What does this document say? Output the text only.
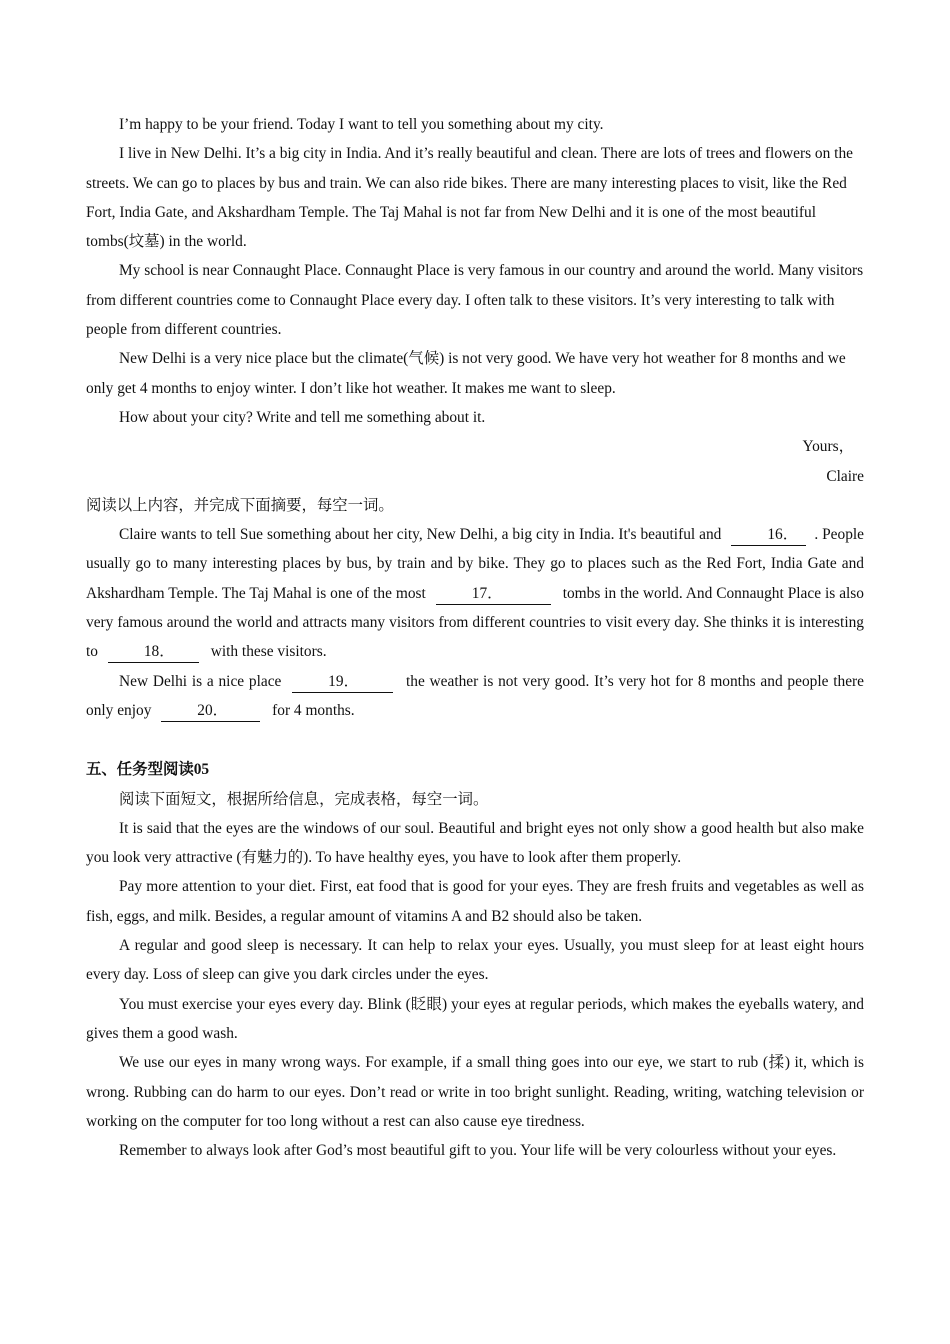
I’m happy to be your friend. Today I want to tell you something about my city.

I live in New Delhi. It’s a big city in India. And it’s really beautiful and clean. There are lots of trees and flowers on the streets. We can go to places by bus and train. We can also ride bikes. There are many interesting places to visit, like the Red Fort, India Gate, and Akshardham Temple. The Taj Mahal is not far from New Delhi and it is one of the most beautiful tombs(坟墓) in the world.

My school is near Connaught Place. Connaught Place is very famous in our country and around the world. Many visitors from different countries come to Connaught Place every day. I often talk to these visitors. It’s very interesting to talk with people from different countries.

New Delhi is a very nice place but the climate(气候) is not very good. We have very hot weather for 8 months and we only get 4 months to enjoy winter. I don’t like hot weather. It makes me want to sleep.

How about your city? Write and tell me something about it.

Yours，

Claire

阅读以上内容，并完成下面摘要，每空一词。

Claire wants to tell Sue something about her city, New Delhi, a big city in India. It's beautiful and	16． . People usually go to many interesting places by bus, by train and by bike. They go to places such as the Red Fort, India Gate and Akshardham Temple. The Taj Mahal is one of the most	17．	tombs in the world. And Connaught Place is also very famous around the world and attracts many visitors from different countries to visit every day. She thinks it is interesting to	18． with these visitors.

New Delhi is a nice place	19．	the weather is not very good. It’s very hot for 8 months and people there only enjoy	20．	for 4 months.

五、任务型阅读05

阅读下面短文，根据所给信息，完成表格，每空一词。

It is said that the eyes are the windows of our soul. Beautiful and bright eyes not only show a good health but also make you look very attractive (有魅力的). To have healthy eyes, you have to look after them properly.

Pay more attention to your diet. First, eat food that is good for your eyes. They are fresh fruits and vegetables as well as fish, eggs, and milk. Besides, a regular amount of vitamins A and B2 should also be taken.

A regular and good sleep is necessary. It can help to relax your eyes. Usually, you must sleep for at least eight hours every day. Loss of sleep can give you dark circles under the eyes.

You must exercise your eyes every day. Blink (眨眼) your eyes at regular periods, which makes the eyeballs watery, and gives them a good wash.

We use our eyes in many wrong ways. For example, if a small thing goes into our eye, we start to rub (揉) it, which is wrong. Rubbing can do harm to our eyes. Don’t read or write in too bright sunlight. Reading, writing, watching television or working on the computer for too long without a rest can also cause eye tiredness.

Remember to always look after God’s most beautiful gift to you. Your life will be very colourless without your eyes.
